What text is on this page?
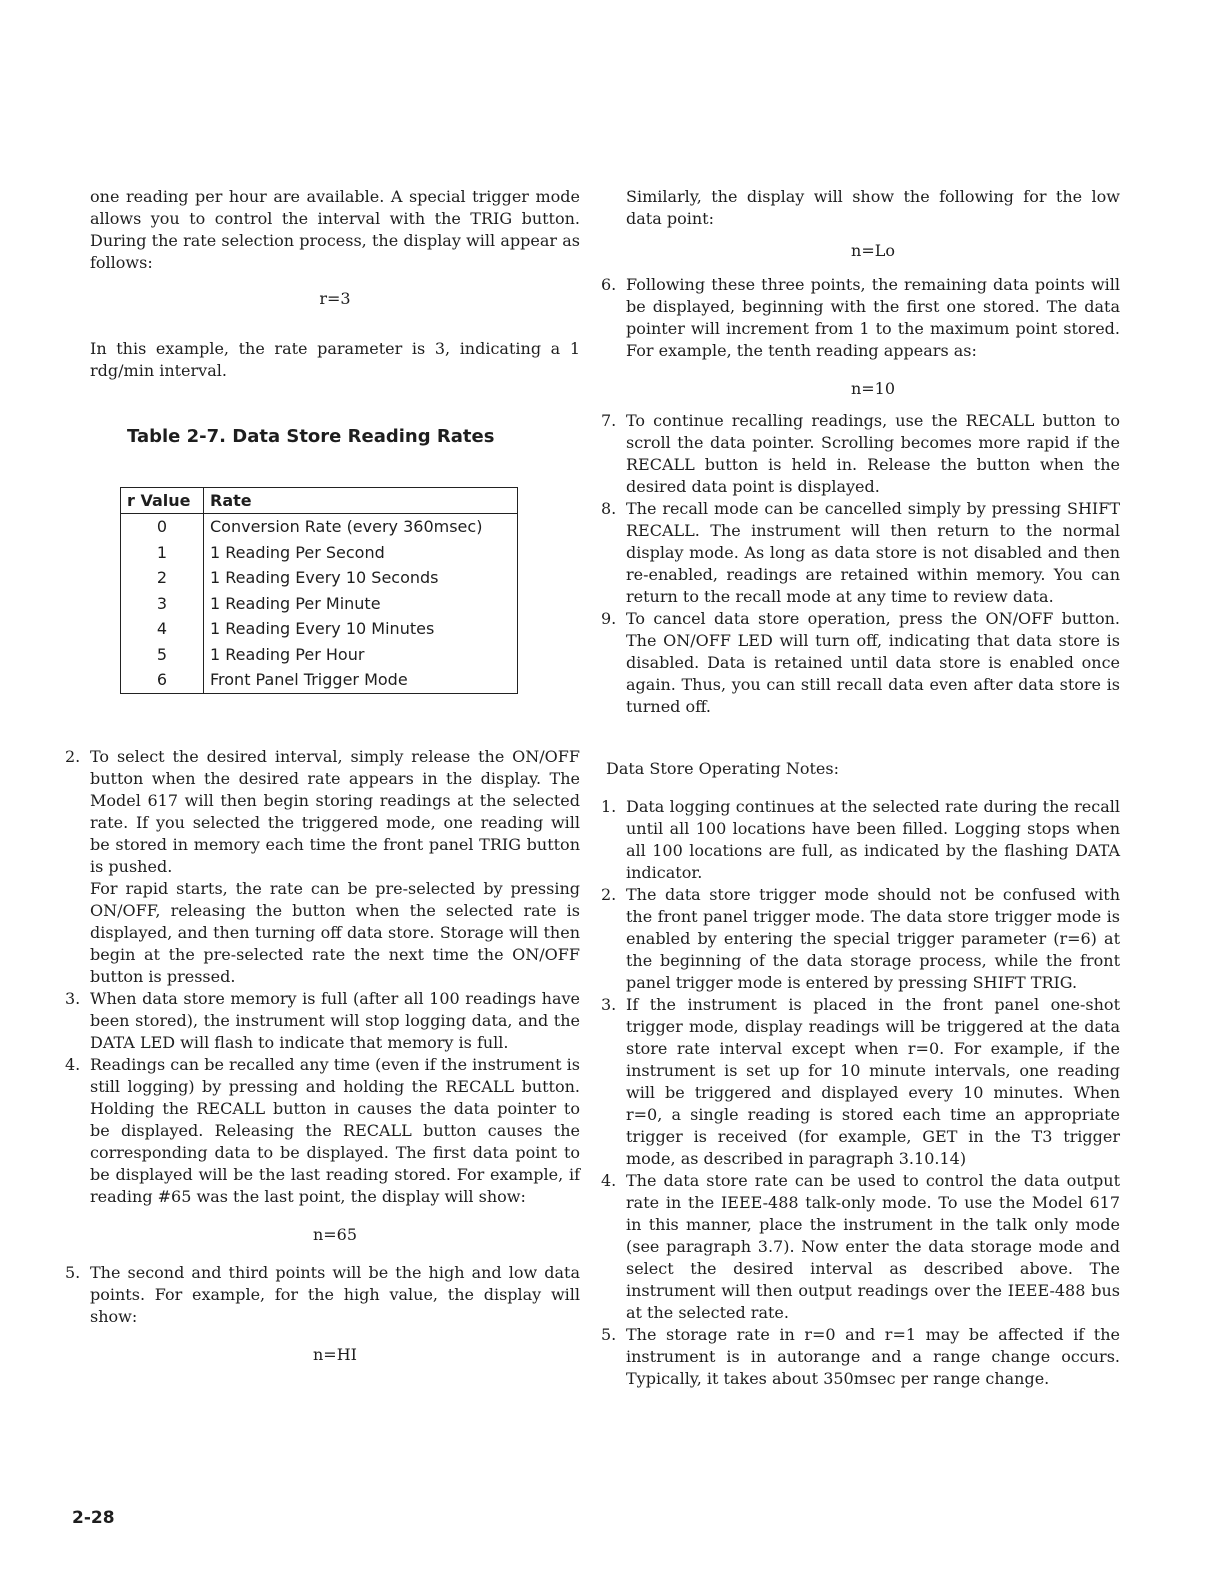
one reading per hour are available. A special trigger mode allows you to control the interval with the TRIG button. During the rate selection process, the display will appear as follows:

r=3

In this example, the rate parameter is 3, indicating a 1 rdg/min interval.

Table 2-7. Data Store Reading Rates
r Value	Rate
0	Conversion Rate (every 360msec)
1	1 Reading Per Second
2	1 Reading Every 10 Seconds
3	1 Reading Per Minute
4	1 Reading Every 10 Minutes
5	1 Reading Per Hour
6	Front Panel Trigger Mode
2. To select the desired interval, simply release the ON/OFF button when the desired rate appears in the display. The Model 617 will then begin storing readings at the selected rate. If you selected the triggered mode, one reading will be stored in memory each time the front panel TRIG button is pushed.

For rapid starts, the rate can be pre-selected by pressing ON/OFF, releasing the button when the selected rate is displayed, and then turning off data store. Storage will then begin at the pre-selected rate the next time the ON/OFF button is pressed.

3. When data store memory is full (after all 100 readings have been stored), the instrument will stop logging data, and the DATA LED will flash to indicate that memory is full.
4. Readings can be recalled any time (even if the instrument is still logging) by pressing and holding the RECALL button. Holding the RECALL button in causes the data pointer to be displayed. Releasing the RECALL button causes the corresponding data to be displayed. The first data point to be displayed will be the last reading stored. For example, if reading #65 was the last point, the display will show:
n=65
5. The second and third points will be the high and low data points. For example, for the high value, the display will show:
n=HI

Similarly, the display will show the following for the low data point:

n=Lo
6. Following these three points, the remaining data points will be displayed, beginning with the first one stored. The data pointer will increment from 1 to the maximum point stored. For example, the tenth reading appears as:
n=10
7. To continue recalling readings, use the RECALL button to scroll the data pointer. Scrolling becomes more rapid if the RECALL button is held in. Release the button when the desired data point is displayed.
8. The recall mode can be cancelled simply by pressing SHIFT RECALL. The instrument will then return to the normal display mode. As long as data store is not disabled and then re-enabled, readings are retained within memory. You can return to the recall mode at any time to review data.
9. To cancel data store operation, press the ON/OFF button. The ON/OFF LED will turn off, indicating that data store is disabled. Data is retained until data store is enabled once again. Thus, you can still recall data even after data store is turned off.

Data Store Operating Notes:

1. Data logging continues at the selected rate during the recall until all 100 locations have been filled. Logging stops when all 100 locations are full, as indicated by the flashing DATA indicator.
2. The data store trigger mode should not be confused with the front panel trigger mode. The data store trigger mode is enabled by entering the special trigger parameter (r=6) at the beginning of the data storage process, while the front panel trigger mode is entered by pressing SHIFT TRIG.
3. If the instrument is placed in the front panel one-shot trigger mode, display readings will be triggered at the data store rate interval except when r=0. For example, if the instrument is set up for 10 minute intervals, one reading will be triggered and displayed every 10 minutes. When r=0, a single reading is stored each time an appropriate trigger is received (for example, GET in the T3 trigger mode, as described in paragraph 3.10.14)
4. The data store rate can be used to control the data output rate in the IEEE-488 talk-only mode. To use the Model 617 in this manner, place the instrument in the talk only mode (see paragraph 3.7). Now enter the data storage mode and select the desired interval as described above. The instrument will then output readings over the IEEE-488 bus at the selected rate.
5. The storage rate in r=0 and r=1 may be affected if the instrument is in autorange and a range change occurs. Typically, it takes about 350msec per range change.
2-28
